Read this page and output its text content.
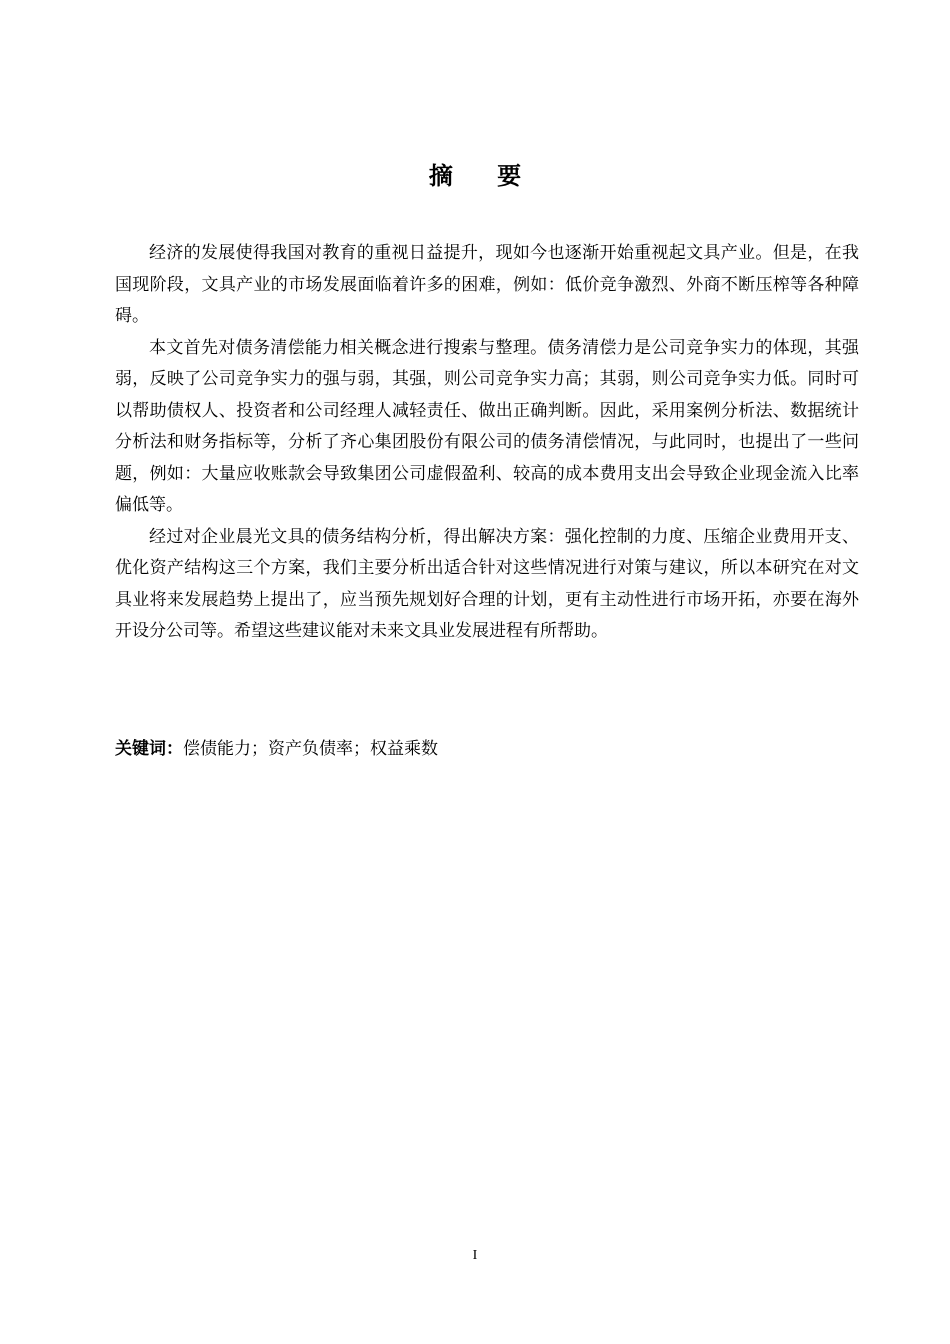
摘 要

经济的发展使得我国对教育的重视日益提升，现如今也逐渐开始重视起文具产业。但是，在我国现阶段，文具产业的市场发展面临着许多的困难，例如：低价竞争激烈、外商不断压榨等各种障碍。

本文首先对债务清偿能力相关概念进行搜索与整理。债务清偿力是公司竞争实力的体现，其强弱，反映了公司竞争实力的强与弱，其强，则公司竞争实力高；其弱，则公司竞争实力低。同时可以帮助债权人、投资者和公司经理人减轻责任、做出正确判断。因此，采用案例分析法、数据统计分析法和财务指标等，分析了齐心集团股份有限公司的债务清偿情况，与此同时，也提出了一些问题，例如：大量应收账款会导致集团公司虚假盈利、较高的成本费用支出会导致企业现金流入比率偏低等。

经过对企业晨光文具的债务结构分析，得出解决方案：强化控制的力度、压缩企业费用开支、优化资产结构这三个方案，我们主要分析出适合针对这些情况进行对策与建议，所以本研究在对文具业将来发展趋势上提出了，应当预先规划好合理的计划，更有主动性进行市场开拓，亦要在海外开设分公司等。希望这些建议能对未来文具业发展进程有所帮助。

关键词：偿债能力；资产负债率；权益乘数
I
